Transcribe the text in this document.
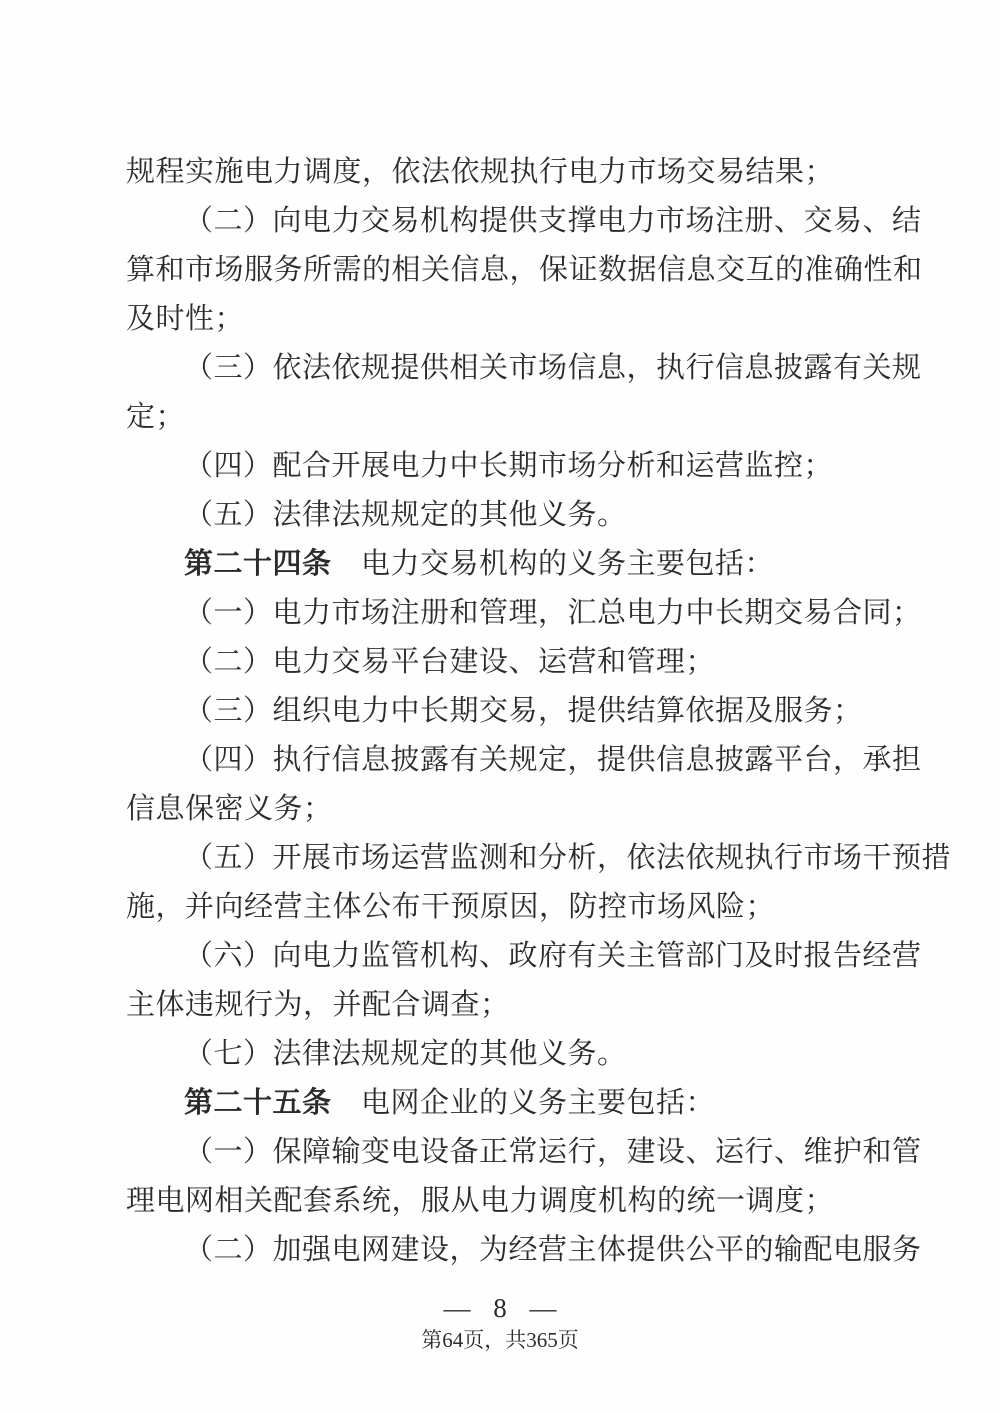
规程实施电力调度，依法依规执行电力市场交易结果；
（二）向电力交易机构提供支撑电力市场注册、交易、结
算和市场服务所需的相关信息，保证数据信息交互的准确性和
及时性；
（三）依法依规提供相关市场信息，执行信息披露有关规
定；
（四）配合开展电力中长期市场分析和运营监控；
（五）法律法规规定的其他义务。
第二十四条　电力交易机构的义务主要包括：
（一）电力市场注册和管理，汇总电力中长期交易合同；
（二）电力交易平台建设、运营和管理；
（三）组织电力中长期交易，提供结算依据及服务；
（四）执行信息披露有关规定，提供信息披露平台，承担
信息保密义务；
（五）开展市场运营监测和分析，依法依规执行市场干预措
施，并向经营主体公布干预原因，防控市场风险；
（六）向电力监管机构、政府有关主管部门及时报告经营
主体违规行为，并配合调查；
（七）法律法规规定的其他义务。
第二十五条　电网企业的义务主要包括：
（一）保障输变电设备正常运行，建设、运行、维护和管
理电网相关配套系统，服从电力调度机构的统一调度；
（二）加强电网建设，为经营主体提供公平的输配电服务
— 8 —
第64页，共365页
